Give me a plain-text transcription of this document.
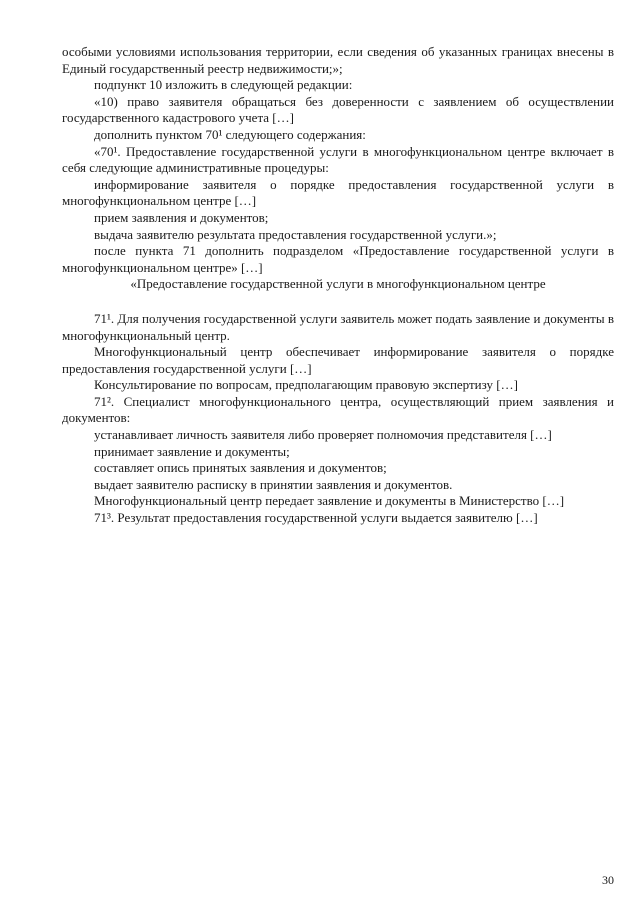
особыми условиями использования территории, если сведения об указанных границах внесены в Единый государственный реестр недвижимости;»;

подпункт 10 изложить в следующей редакции:

«10) право заявителя обращаться без доверенности с заявлением об осуществлении государственного кадастрового учета […]

дополнить пунктом 70¹ следующего содержания:

«70¹. Предоставление государственной услуги в многофункциональном центре включает в себя следующие административные процедуры:

информирование заявителя о порядке предоставления государственной услуги в многофункциональном центре […]

прием заявления и документов;

выдача заявителю результата предоставления государственной услуги.»;

после пункта 71 дополнить подразделом «Предоставление государственной услуги в многофункциональном центре» […]

«Предоставление государственной услуги в многофункциональном центре

71¹. Для получения государственной услуги заявитель может подать заявление и документы в многофункциональный центр.

Многофункциональный центр обеспечивает информирование заявителя о порядке предоставления государственной услуги […]

Консультирование по вопросам, предполагающим правовую экспертизу […]

71². Специалист многофункционального центра, осуществляющий прием заявления и документов:

устанавливает личность заявителя либо проверяет полномочия представителя […]

принимает заявление и документы;

составляет опись принятых заявления и документов;

выдает заявителю расписку в принятии заявления и документов.

Многофункциональный центр передает заявление и документы в Министерство […]

71³. Результат предоставления государственной услуги выдается заявителю […]

30
